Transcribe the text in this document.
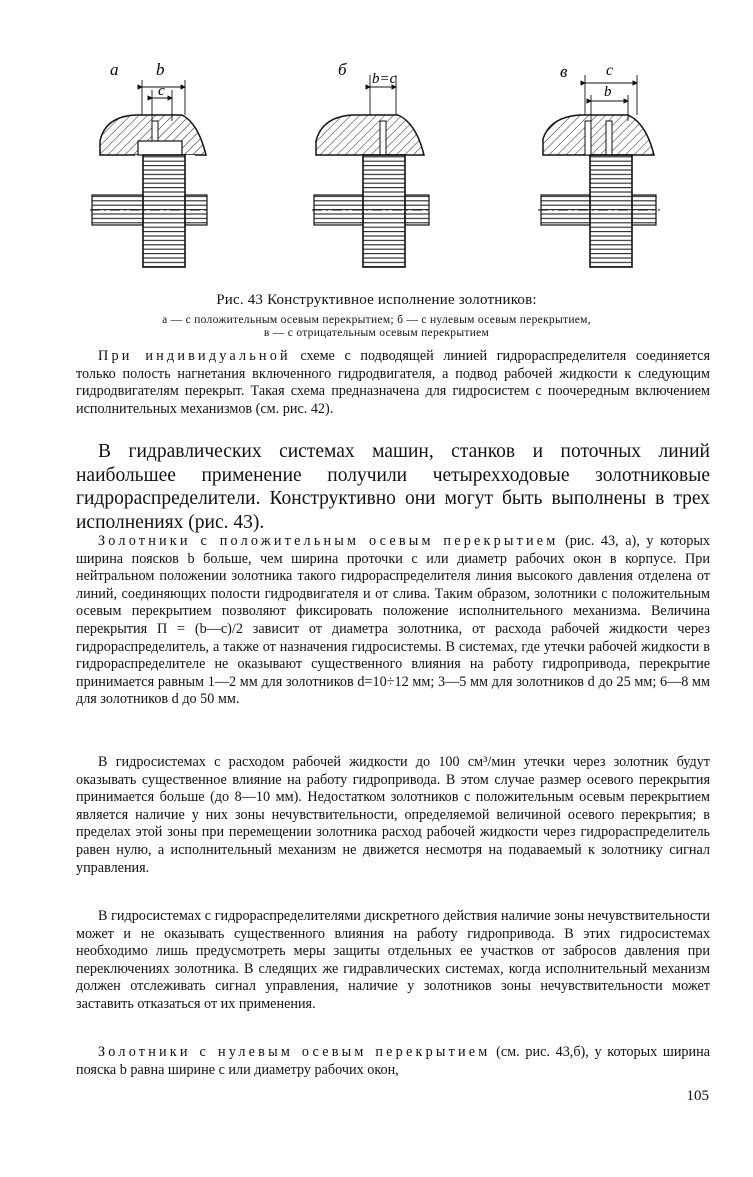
a b
c
б b=c	в c
b
Рис. 43 Конструктивное исполнение золотников:
а — с положительным осевым перекрытием; б — с нулевым осевым перекрытием,
в — с отрицательным осевым перекрытием

При индивидуальной схеме с подводящей линией гидрораспределителя соединяется только полость нагнетания включенного гидродвигателя, а подвод рабочей жидкости к следующим гидродвигателям перекрыт. Такая схема предназначена для гидросистем с поочередным включением исполнительных механизмов (см. рис. 42).

В гидравлических системах машин, станков и поточных линий наибольшее применение получили четырехходовые золотниковые гидрораспределители. Конструктивно они могут быть выполнены в трех исполнениях (рис. 43).

Золотники с положительным осевым перекрытием (рис. 43, а), у которых ширина поясков b больше, чем ширина проточки с или диаметр рабочих окон в корпусе. При нейтральном положении золотника такого гидрораспределителя линия высокого давления отделена от линий, соединяющих полости гидродвигателя и от слива. Таким образом, золотники с положительным осевым перекрытием позволяют фиксировать положение исполнительного механизма. Величина перекрытия П = (b—c)/2 зависит от диаметра золотника, от расхода рабочей жидкости через гидрораспределитель, а также от назначения гидросистемы. В системах, где утечки рабочей жидкости в гидрораспределителе не оказывают существенного влияния на работу гидропривода, перекрытие принимается равным 1—2 мм для золотников d=10÷12 мм; 3—5 мм для золотников d до 25 мм; 6—8 мм для золотников d до 50 мм.

В гидросистемах с расходом рабочей жидкости до 100 см³/мин утечки через золотник будут оказывать существенное влияние на работу гидропривода. В этом случае размер осевого перекрытия принимается больше (до 8—10 мм). Недостатком золотников с положительным осевым перекрытием является наличие у них зоны нечувствительности, определяемой величиной осевого перекрытия; в пределах этой зоны при перемещении золотника расход рабочей жидкости через гидрораспределитель равен нулю, а исполнительный механизм не движется несмотря на подаваемый к золотнику сигнал управления.

В гидросистемах с гидрораспределителями дискретного действия наличие зоны нечувствительности может и не оказывать существенного влияния на работу гидропривода. В этих гидросистемах необходимо лишь предусмотреть меры защиты отдельных ее участков от забросов давления при переключениях золотника. В следящих же гидравлических системах, когда исполнительный механизм должен отслеживать сигнал управления, наличие у золотников зоны нечувствительности может заставить отказаться от их применения.

Золотники с нулевым осевым перекрытием (см. рис. 43,б), у которых ширина пояска b равна ширине с или диаметру рабочих окон,

105
